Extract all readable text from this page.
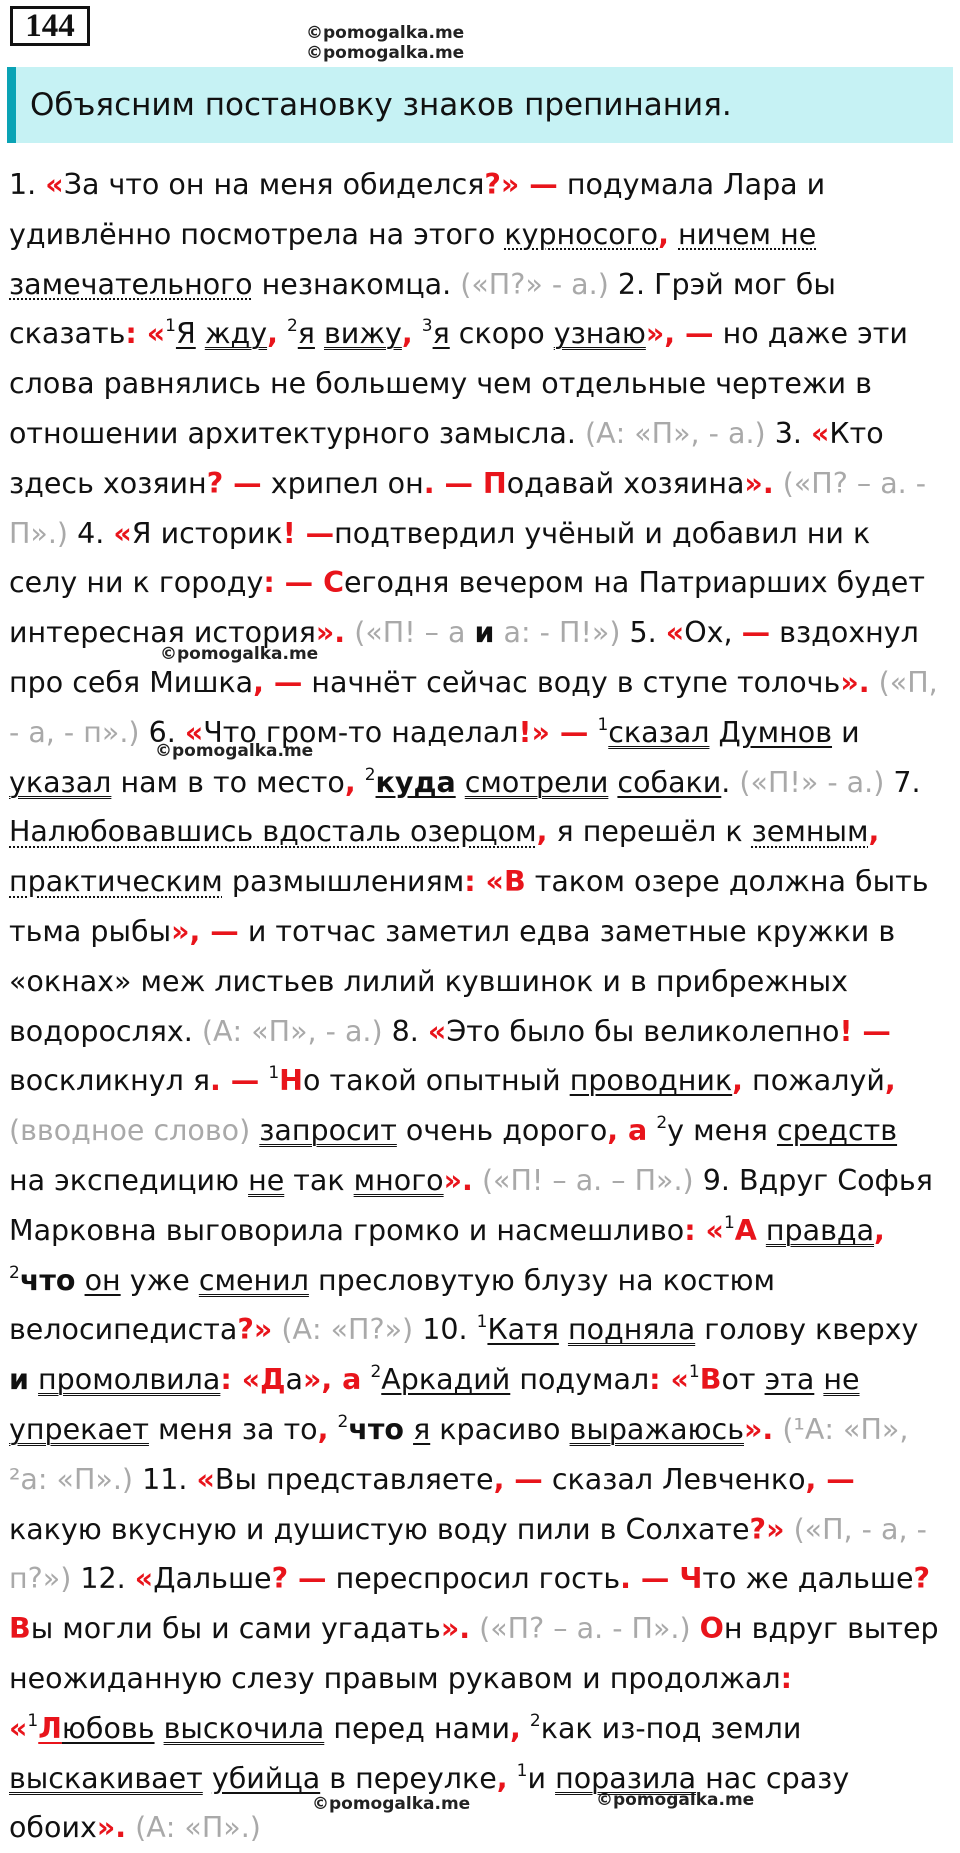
144	©pomogalka.me
©pomogalka.me
©pomogalka.me
©pomogalka.me
©pomogalka.me	©pomogalka.me
Объясним постановку знаков препинания.
1. «За что он на меня обиделся?» — подумала Лара и
удивлённо посмотрела на этого курносого, ничем не
замечательного незнакомца. («П?» - а.) 2. Грэй мог бы
сказать: «$^1$Я жду, $^2$я вижу, $^3$я скоро узнаю», — но даже эти
слова равнялись не большему чем отдельные чертежи в
отношении архитектурного замысла. (А: «П», - а.) 3. «Кто
здесь хозяин? — хрипел он. — Подавай хозяина». («П? – а. -
П».) 4. «Я историк! —подтвердил учёный и добавил ни к
селу ни к городу: — Сегодня вечером на Патриарших будет
интересная история». («П! – а и а: - П!») 5. «Ох, — вздохнул
про себя Мишка, — начнёт сейчас воду в ступе толочь». («П,
- а, - п».) 6. «Что гром-то наделал!» — $^1$сказал Думнов и
указал нам в то место, $^2$куда смотрели собаки. («П!» - а.) 7.
Налюбовавшись вдосталь озерцом, я перешёл к земным,
практическим размышлениям: «В таком озере должна быть
тьма рыбы», — и тотчас заметил едва заметные кружки в
«окнах» меж листьев лилий кувшинок и в прибрежных
водорослях. (А: «П», - а.) 8. «Это было бы великолепно! —
воскликнул я. — $^1$Но такой опытный проводник, пожалуй,
(вводное слово) запросит очень дорого, а $^2$у меня средств
на экспедицию не так много». («П! – а. – П».) 9. Вдруг Софья
Марковна выговорила громко и насмешливо: «$^1$А правда,
$^2$что он уже сменил пресловутую блузу на костюм
велосипедиста?» (А: «П?») 10. $^1$Катя подняла голову кверху
и промолвила: «Да», а $^2$Аркадий подумал: «$^1$Вот эта не
упрекает меня за то, $^2$что я красиво выражаюсь». (¹А: «П»,
²а: «П».) 11. «Вы представляете, — сказал Левченко, —
какую вкусную и душистую воду пили в Солхате?» («П, - а, -
п?») 12. «Дальше? — переспросил гость. — Что же дальше?
Вы могли бы и сами угадать». («П? – а. - П».) Он вдруг вытер
неожиданную слезу правым рукавом и продолжал:
«$^1$Любовь выскочила перед нами, $^2$как из-под земли
выскакивает убийца в переулке, $^1$и поразила нас сразу
обоих». (А: «П».)
